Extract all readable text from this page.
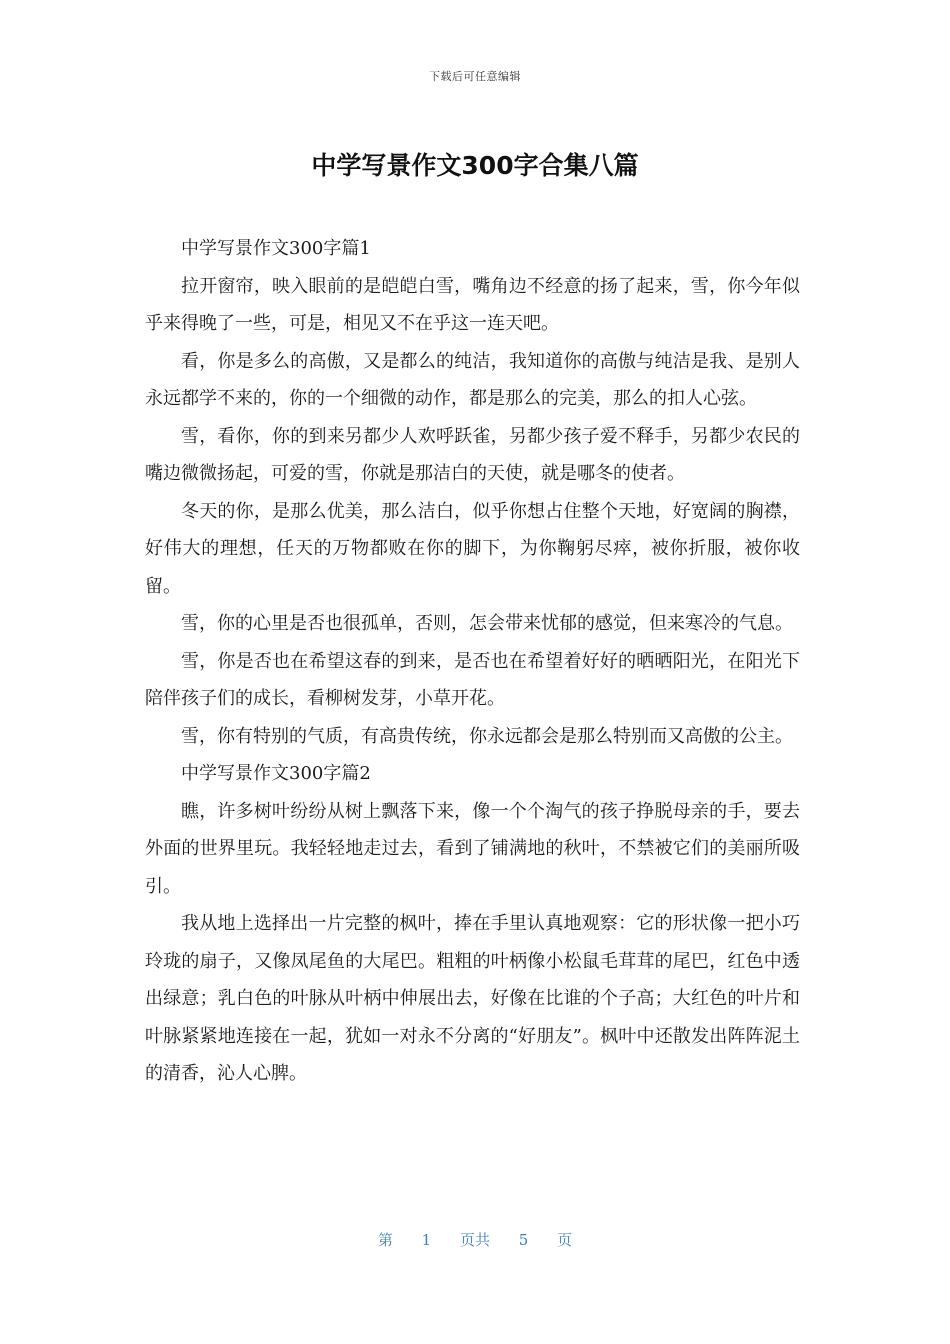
下载后可任意编辑
中学写景作文300字合集八篇

中学写景作文300字篇1

拉开窗帘，映入眼前的是皑皑白雪，嘴角边不经意的扬了起来，雪，你今年似乎来得晚了一些，可是，相见又不在乎这一连天吧。

看，你是多么的高傲，又是都么的纯洁，我知道你的高傲与纯洁是我、是别人永远都学不来的，你的一个细微的动作，都是那么的完美，那么的扣人心弦。

雪，看你，你的到来另都少人欢呼跃雀，另都少孩子爱不释手，另都少农民的嘴边微微扬起，可爱的雪，你就是那洁白的天使，就是哪冬的使者。

冬天的你，是那么优美，那么洁白，似乎你想占住整个天地，好宽阔的胸襟，好伟大的理想，任天的万物都败在你的脚下，为你鞠躬尽瘁，被你折服，被你收留。

雪，你的心里是否也很孤单，否则，怎会带来忧郁的感觉，但来寒冷的气息。

雪，你是否也在希望这春的到来，是否也在希望着好好的晒晒阳光，在阳光下陪伴孩子们的成长，看柳树发芽，小草开花。

雪，你有特别的气质，有高贵传统，你永远都会是那么特别而又高傲的公主。

中学写景作文300字篇2

瞧，许多树叶纷纷从树上飘落下来，像一个个淘气的孩子挣脱母亲的手，要去外面的世界里玩。我轻轻地走过去，看到了铺满地的秋叶，不禁被它们的美丽所吸引。

我从地上选择出一片完整的枫叶，捧在手里认真地观察：它的形状像一把小巧玲珑的扇子，又像凤尾鱼的大尾巴。粗粗的叶柄像小松鼠毛茸茸的尾巴，红色中透出绿意；乳白色的叶脉从叶柄中伸展出去，好像在比谁的个子高；大红色的叶片和叶脉紧紧地连接在一起，犹如一对永不分离的“好朋友”。枫叶中还散发出阵阵泥土的清香，沁人心脾。

第 1 页共 5 页
